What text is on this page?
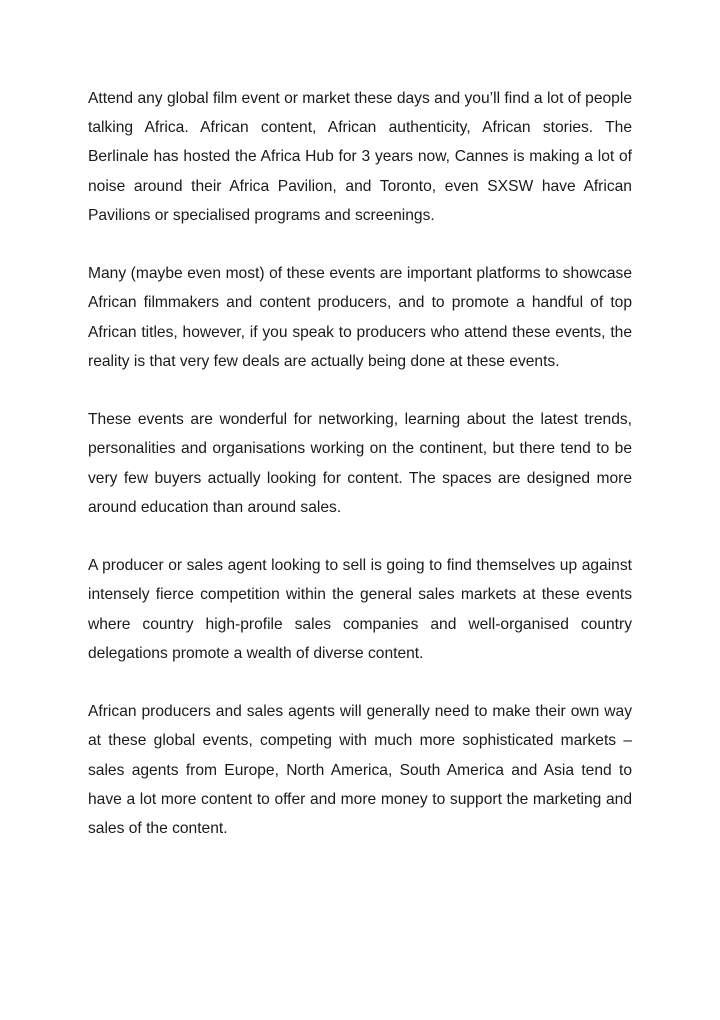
Attend any global film event or market these days and you’ll find a lot of people talking Africa. African content, African authenticity, African stories. The Berlinale has hosted the Africa Hub for 3 years now, Cannes is making a lot of noise around their Africa Pavilion, and Toronto, even SXSW have African Pavilions or specialised programs and screenings.

Many (maybe even most) of these events are important platforms to showcase African filmmakers and content producers, and to promote a handful of top African titles, however, if you speak to producers who attend these events, the reality is that very few deals are actually being done at these events.

These events are wonderful for networking, learning about the latest trends, personalities and organisations working on the continent, but there tend to be very few buyers actually looking for content. The spaces are designed more around education than around sales.

A producer or sales agent looking to sell is going to find themselves up against intensely fierce competition within the general sales markets at these events where country high-profile sales companies and well-organised country delegations promote a wealth of diverse content.

African producers and sales agents will generally need to make their own way at these global events, competing with much more sophisticated markets – sales agents from Europe, North America, South America and Asia tend to have a lot more content to offer and more money to support the marketing and sales of the content.
